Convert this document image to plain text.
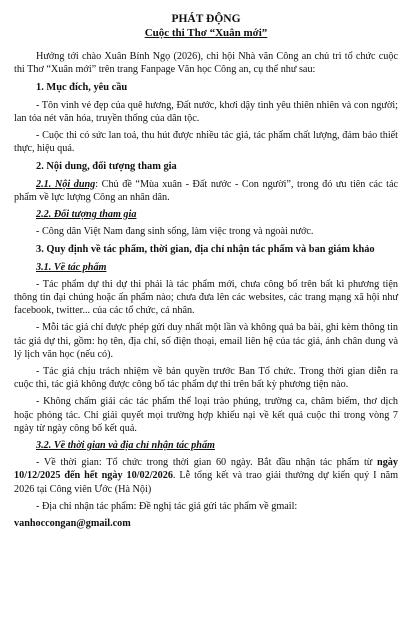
PHÁT ĐỘNG
Cuộc thi Thơ “Xuân mới”

Hướng tới chào Xuân Bính Ngọ (2026), chi hội Nhà văn Công an chủ trì tổ chức cuộc thi Thơ “Xuân mới” trên trang Fanpage Văn học Công an, cụ thể như sau:

1. Mục đích, yêu cầu

- Tôn vinh vẻ đẹp của quê hương, Đất nước, khơi dậy tình yêu thiên nhiên và con người; lan tỏa nét văn hóa, truyền thống của dân tộc.

- Cuộc thi có sức lan toả, thu hút được nhiều tác giả, tác phẩm chất lượng, đảm bảo thiết thực, hiệu quả.

2. Nội dung, đối tượng tham gia

2.1. Nội dung: Chủ đề “Mùa xuân - Đất nước - Con người”, trong đó ưu tiên các tác phẩm về lực lượng Công an nhân dân.

2.2. Đối tượng tham gia

- Công dân Việt Nam đang sinh sống, làm việc trong và ngoài nước.

3. Quy định về tác phẩm, thời gian, địa chỉ nhận tác phẩm và ban giám khảo
3.1. Về tác phẩm

- Tác phẩm dự thi dự thi phải là tác phẩm mới, chưa công bố trên bất kì phương tiện thông tin đại chúng hoặc ấn phẩm nào; chưa đưa lên các websites, các trang mạng xã hội như facebook, twitter... của các tổ chức, cá nhân.

- Mỗi tác giả chỉ được phép gửi duy nhất một lần và không quá ba bài, ghi kèm thông tin tác giả dự thi, gồm: họ tên, địa chỉ, số điện thoại, email liên hệ của tác giả, ảnh chân dung và lý lịch văn học (nếu có).

- Tác giả chịu trách nhiệm về bản quyền trước Ban Tổ chức. Trong thời gian diễn ra cuộc thi, tác giả không được công bố tác phẩm dự thi trên bất kỳ phương tiện nào.

- Không chấm giải các tác phẩm thể loại trào phúng, trường ca, châm biếm, thơ dịch hoặc phỏng tác. Chỉ giải quyết mọi trường hợp khiếu nại về kết quả cuộc thi trong vòng 7 ngày từ ngày công bố kết quả.

3.2. Về thời gian và địa chỉ nhận tác phẩm

- Về thời gian: Tổ chức trong thời gian 60 ngày. Bắt đầu nhận tác phẩm từ ngày 10/12/2025 đến hết ngày 10/02/2026. Lễ tổng kết và trao giải thưởng dự kiến quý I năm 2026 tại Công viên Ước (Hà Nội)

- Địa chỉ nhận tác phẩm: Đề nghị tác giả gửi tác phẩm về gmail:

vanhoccongan@gmail.com
